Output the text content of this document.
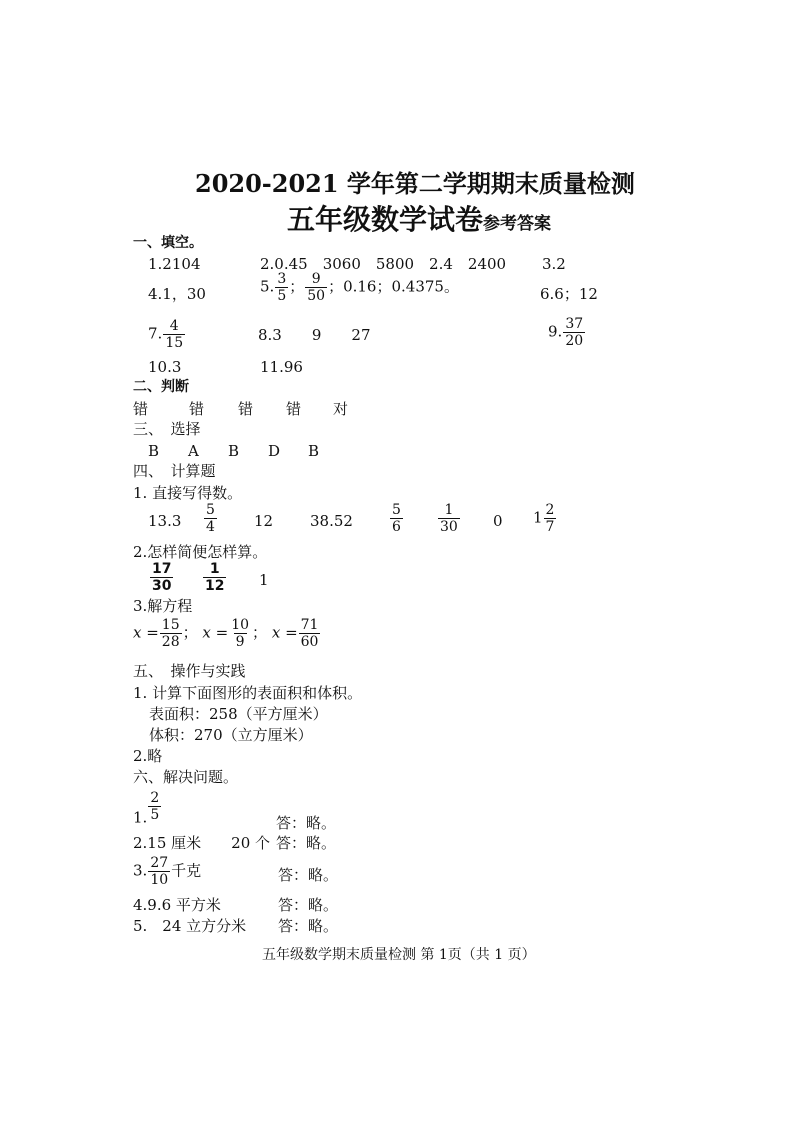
2020-2021 学年第二学期期末质量检测
五年级数学试卷参考答案
一、填空。
1.2104	2.0.45　3060　5800　2.4　2400 3.2
4.1，30	5. $\frac{3}{5}$ ； $\frac{9}{50}$ ；0.16；0.4375。	6.6；12
7. $\frac{4}{15}$	8.3　　9　　27	9. $\frac{37}{20}$
10.3	11.96
二、判断
错	错 错 错 对
三、　选择
B A B D B
四、　计算题
1. 直接写得数。
$13.3 \frac{5}{4} 12$ 38.52	$\frac{5}{6}$	$\frac{1}{30} 0$ $1 \frac{2}{7}$
2.怎样简便怎样算。
$\frac{17}{30} \frac{1}{12} 1$
3.解方程
$x = \frac{15}{28}$ ； $x = \frac{10}{9}$ ； $x = \frac{71}{60}$
五、　操作与实践
1. 计算下面图形的表面积和体积。
表面积：258（平方厘米）
体积：270（立方厘米）
2.略
六、解决问题。
1. $\frac{2}{5}$	答：略。
2.15 厘米　　20 个 答：略。
3. $\frac{27}{10}$ 千克	答：略。
4.9.6 平方米	答：略。
5.　24 立方分米 答：略。
五年级数学期末质量检测 第 1页（共 1 页）
